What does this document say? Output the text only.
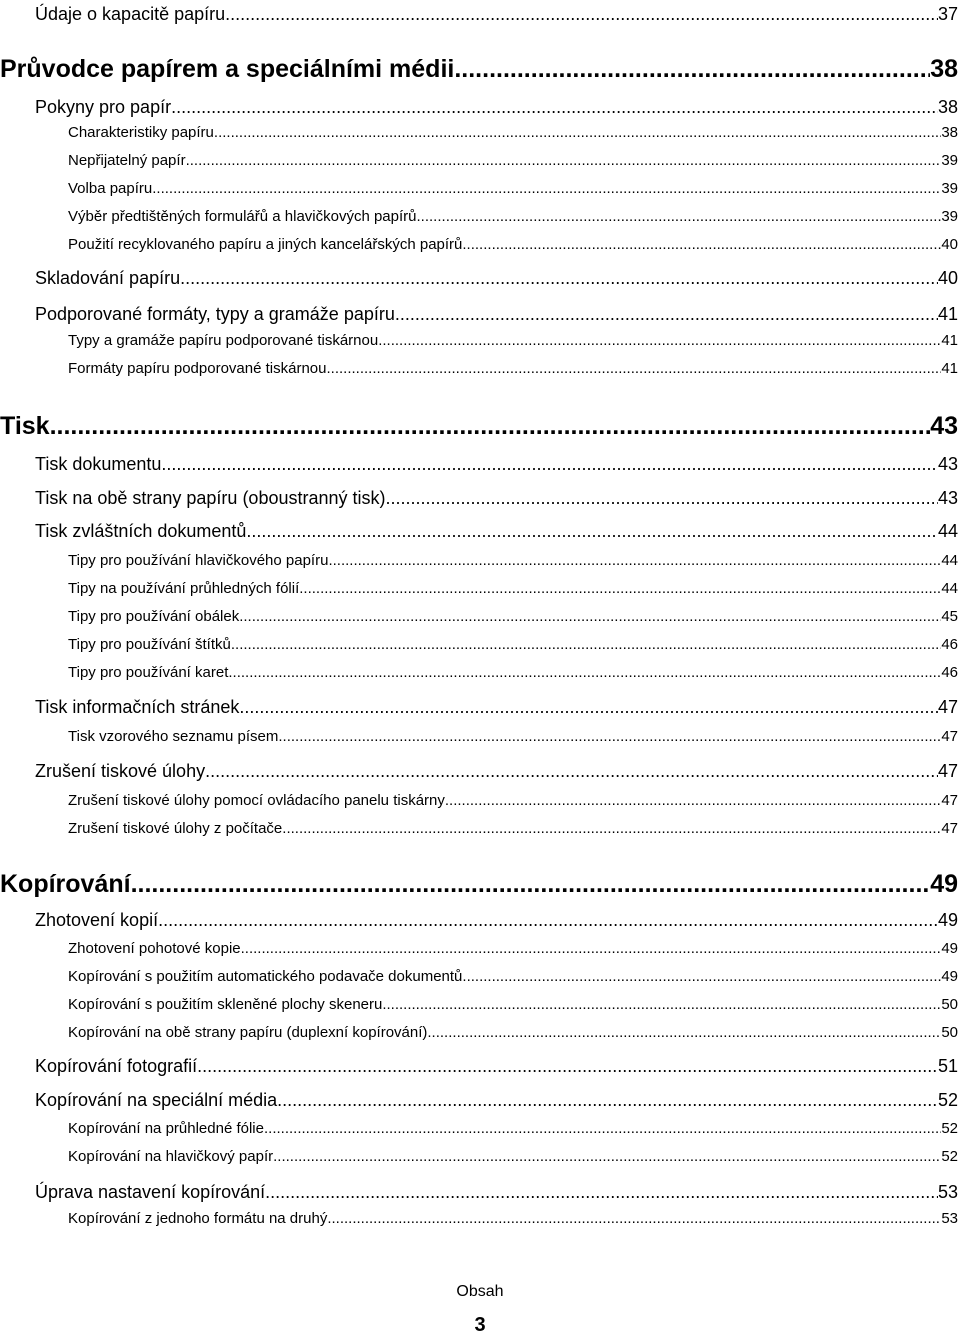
Údaje o kapacitě papíru .....	37
Průvodce papírem a speciálními médii .....	38
Pokyny pro papír .....	38
Charakteristiky papíru .....	38
Nepřijatelný papír .....	39
Volba papíru .....	39
Výběr předtištěných formulářů a hlavičkových papírů .....	39
Použití recyklovaného papíru a jiných kancelářských papírů .....	40
Skladování papíru .....	40
Podporované formáty, typy a gramáže papíru .....	41
Typy a gramáže papíru podporované tiskárnou .....	41
Formáty papíru podporované tiskárnou .....	41
Tisk .....	43
Tisk dokumentu .....	43
Tisk na obě strany papíru (oboustranný tisk) .....	43
Tisk zvláštních dokumentů .....	44
Tipy pro používání hlavičkového papíru .....	44
Tipy na používání průhledných fólií .....	44
Tipy pro používání obálek .....	45
Tipy pro používání štítků .....	46
Tipy pro používání karet .....	46
Tisk informačních stránek .....	47
Tisk vzorového seznamu písem .....	47
Zrušení tiskové úlohy .....	47
Zrušení tiskové úlohy pomocí ovládacího panelu tiskárny .....	47
Zrušení tiskové úlohy z počítače .....	47
Kopírování .....	49
Zhotovení kopií .....	49
Zhotovení pohotové kopie .....	49
Kopírování s použitím automatického podavače dokumentů .....	49
Kopírování s použitím skleněné plochy skeneru .....	50
Kopírování na obě strany papíru (duplexní kopírování) .....	50
Kopírování fotografií .....	51
Kopírování na speciální média .....	52
Kopírování na průhledné fólie .....	52
Kopírování na hlavičkový papír .....	52
Úprava nastavení kopírování .....	53
Kopírování z jednoho formátu na druhý .....	53
Obsah
3
